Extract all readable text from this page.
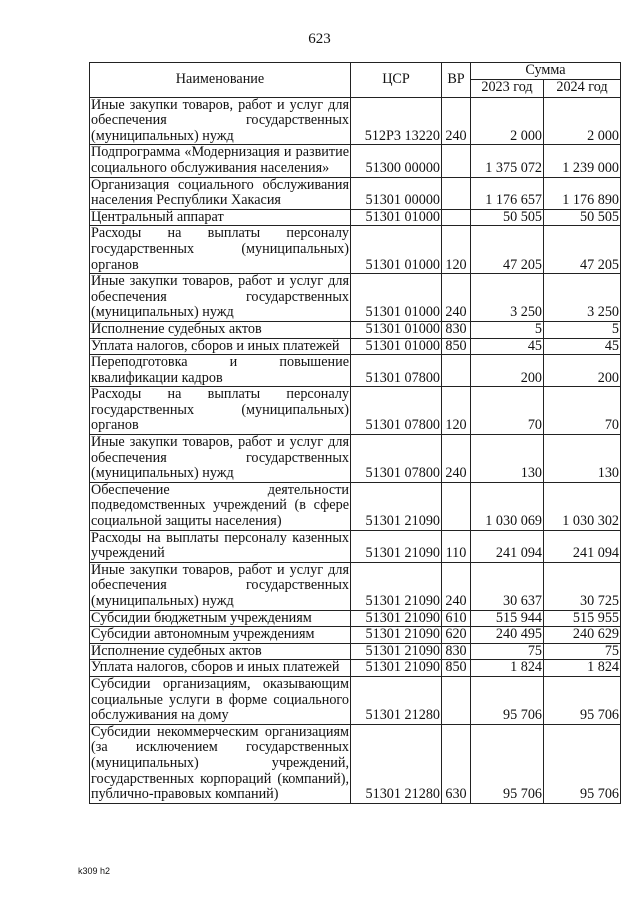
623
Наименование	ЦСР	ВР	Сумма	
			2023 год	2024 год
Иные закупки товаров, работ и услуг для обеспечения государственных (муниципальных) нужд	512Р3 13220	240	2 000	2 000
Подпрограмма «Модернизация и развитие социального обслуживания населения»	51300 00000		1 375 072	1 239 000
Организация социального обслуживания населения Республики Хакасия	51301 00000		1 176 657	1 176 890
Центральный аппарат	51301 01000		50 505	50 505
Расходы на выплаты персоналу государственных (муниципальных) органов	51301 01000	120	47 205	47 205
Иные закупки товаров, работ и услуг для обеспечения государственных (муниципальных) нужд	51301 01000	240	3 250	3 250
Исполнение судебных актов	51301 01000	830	5	5
Уплата налогов, сборов и иных платежей	51301 01000	850	45	45
Переподготовка и повышение квалификации кадров	51301 07800		200	200
Расходы на выплаты персоналу государственных (муниципальных) органов	51301 07800	120	70	70
Иные закупки товаров, работ и услуг для обеспечения государственных (муниципальных) нужд	51301 07800	240	130	130
Обеспечение деятельности подведомственных учреждений (в сфере социальной защиты населения)	51301 21090		1 030 069	1 030 302
Расходы на выплаты персоналу казенных учреждений	51301 21090	110	241 094	241 094
Иные закупки товаров, работ и услуг для обеспечения государственных (муниципальных) нужд	51301 21090	240	30 637	30 725
Субсидии бюджетным учреждениям	51301 21090	610	515 944	515 955
Субсидии автономным учреждениям	51301 21090	620	240 495	240 629
Исполнение судебных актов	51301 21090	830	75	75
Уплата налогов, сборов и иных платежей	51301 21090	850	1 824	1 824
Субсидии организациям, оказывающим социальные услуги в форме социального обслуживания на дому	51301 21280		95 706	95 706
Субсидии некоммерческим организациям (за исключением государственных (муниципальных) учреждений, государственных корпораций (компаний), публично-правовых компаний)	51301 21280	630	95 706	95 706
k309 h2
